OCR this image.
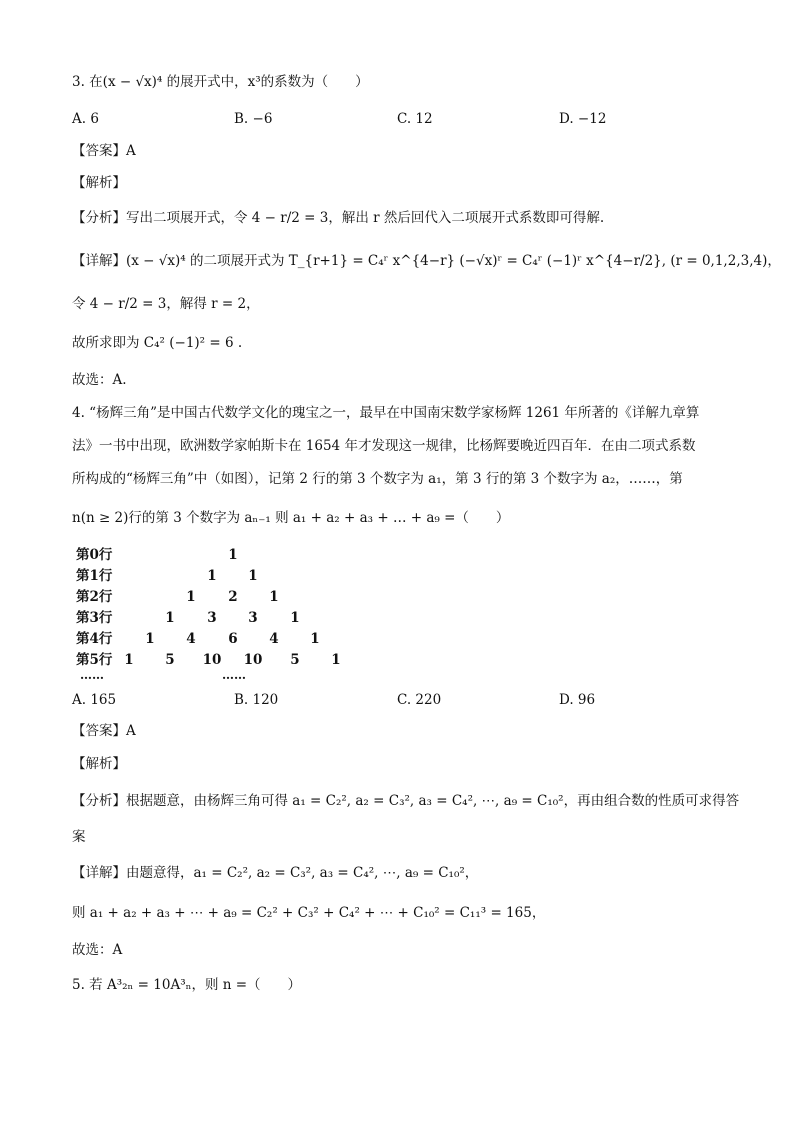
3. 在(x − √x)⁴ 的展开式中，x³的系数为（　　）
A. 6	B. −6	C. 12	D. −12
【答案】A
【解析】
【分析】写出二项展开式，令 4 − r/2 = 3，解出 r 然后回代入二项展开式系数即可得解.
【详解】(x − √x)⁴ 的二项展开式为 T_{r+1} = C₄ʳ x^{4−r} (−√x)ʳ = C₄ʳ (−1)ʳ x^{4−r/2}, (r = 0,1,2,3,4)，
令 4 − r/2 = 3，解得 r = 2，
故所求即为 C₄² (−1)² = 6 .
故选：A.
4. “杨辉三角”是中国古代数学文化的瑰宝之一，最早在中国南宋数学家杨辉 1261 年所著的《详解九章算
法》一书中出现，欧洲数学家帕斯卡在 1654 年才发现这一规律，比杨辉要晚近四百年．在由二项式系数
所构成的“杨辉三角”中（如图），记第 2 行的第 3 个数字为 a₁，第 3 行的第 3 个数字为 a₂，……，第
n(n ≥ 2)行的第 3 个数字为 aₙ₋₁ 则 a₁ + a₂ + a₃ + … + a₉ =（　　）
第0行	1
第1行	1	1
第2行	1	2	1
第3行	1	3	3	1
第4行	1	4	6	4	1
第5行 1	5	10 10	5	1
……	……
A. 165	B. 120	C. 220	D. 96
【答案】A
【解析】
【分析】根据题意，由杨辉三角可得 a₁ = C₂², a₂ = C₃², a₃ = C₄², ⋯, a₉ = C₁₀²，再由组合数的性质可求得答
案
【详解】由题意得，a₁ = C₂², a₂ = C₃², a₃ = C₄², ⋯, a₉ = C₁₀²，
则 a₁ + a₂ + a₃ + ⋯ + a₉ = C₂² + C₃² + C₄² + ⋯ + C₁₀² = C₁₁³ = 165，
故选：A
5. 若 A³₂ₙ = 10A³ₙ，则 n =（　　）
